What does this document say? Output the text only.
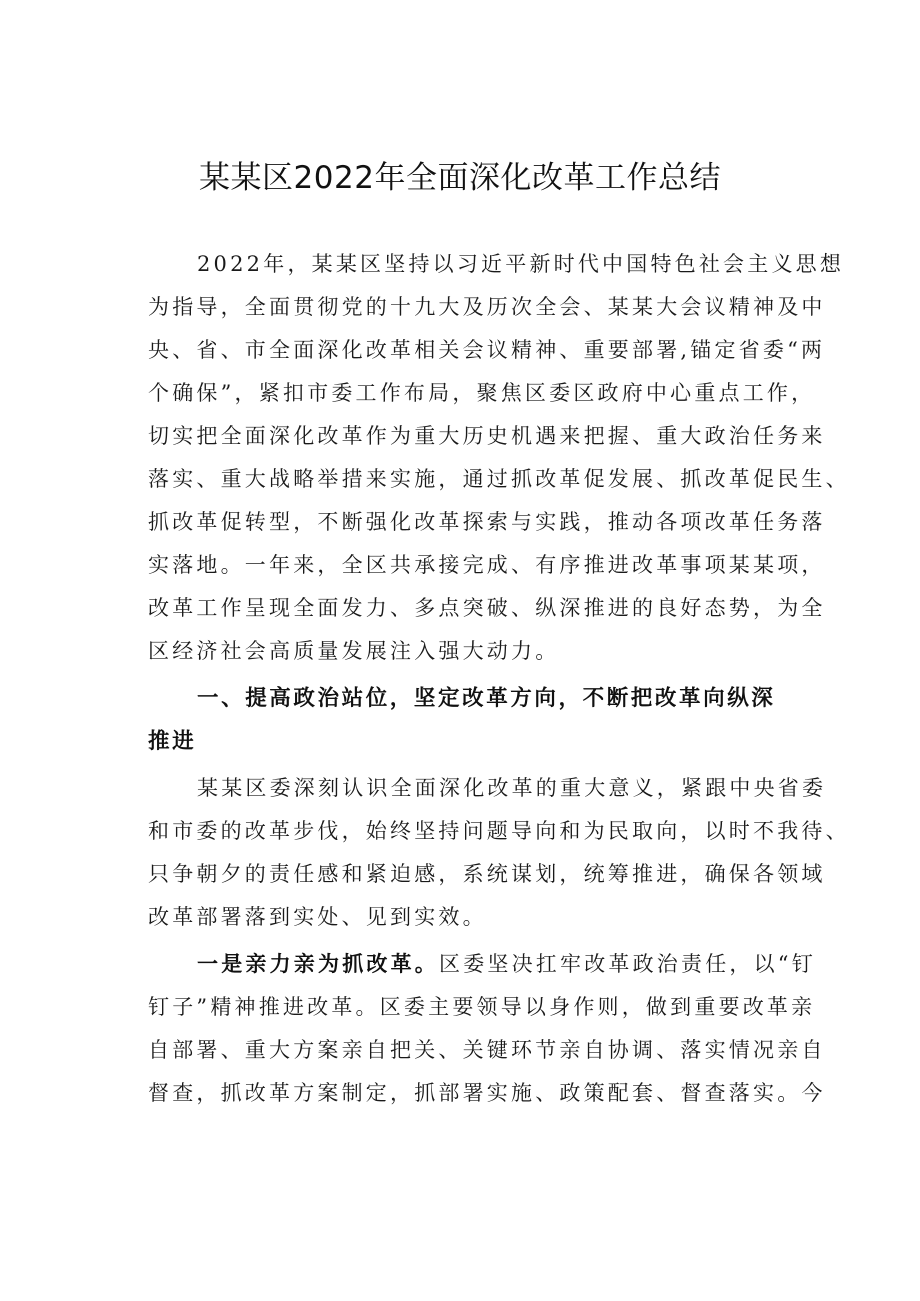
某某区2022年全面深化改革工作总结
2022年，某某区坚持以习近平新时代中国特色社会主义思想
为指导，全面贯彻党的十九大及历次全会、某某大会议精神及中
央、省、市全面深化改革相关会议精神、重要部署,锚定省委“两
个确保”，紧扣市委工作布局，聚焦区委区政府中心重点工作，
切实把全面深化改革作为重大历史机遇来把握、重大政治任务来
落实、重大战略举措来实施，通过抓改革促发展、抓改革促民生、
抓改革促转型，不断强化改革探索与实践，推动各项改革任务落
实落地。一年来，全区共承接完成、有序推进改革事项某某项，
改革工作呈现全面发力、多点突破、纵深推进的良好态势，为全
区经济社会高质量发展注入强大动力。
一、提高政治站位，坚定改革方向，不断把改革向纵深
推进
某某区委深刻认识全面深化改革的重大意义，紧跟中央省委
和市委的改革步伐，始终坚持问题导向和为民取向，以时不我待、
只争朝夕的责任感和紧迫感，系统谋划，统筹推进，确保各领域
改革部署落到实处、见到实效。
一是亲力亲为抓改革。区委坚决扛牢改革政治责任，以“钉
钉子”精神推进改革。区委主要领导以身作则，做到重要改革亲
自部署、重大方案亲自把关、关键环节亲自协调、落实情况亲自
督查，抓改革方案制定，抓部署实施、政策配套、督查落实。今
